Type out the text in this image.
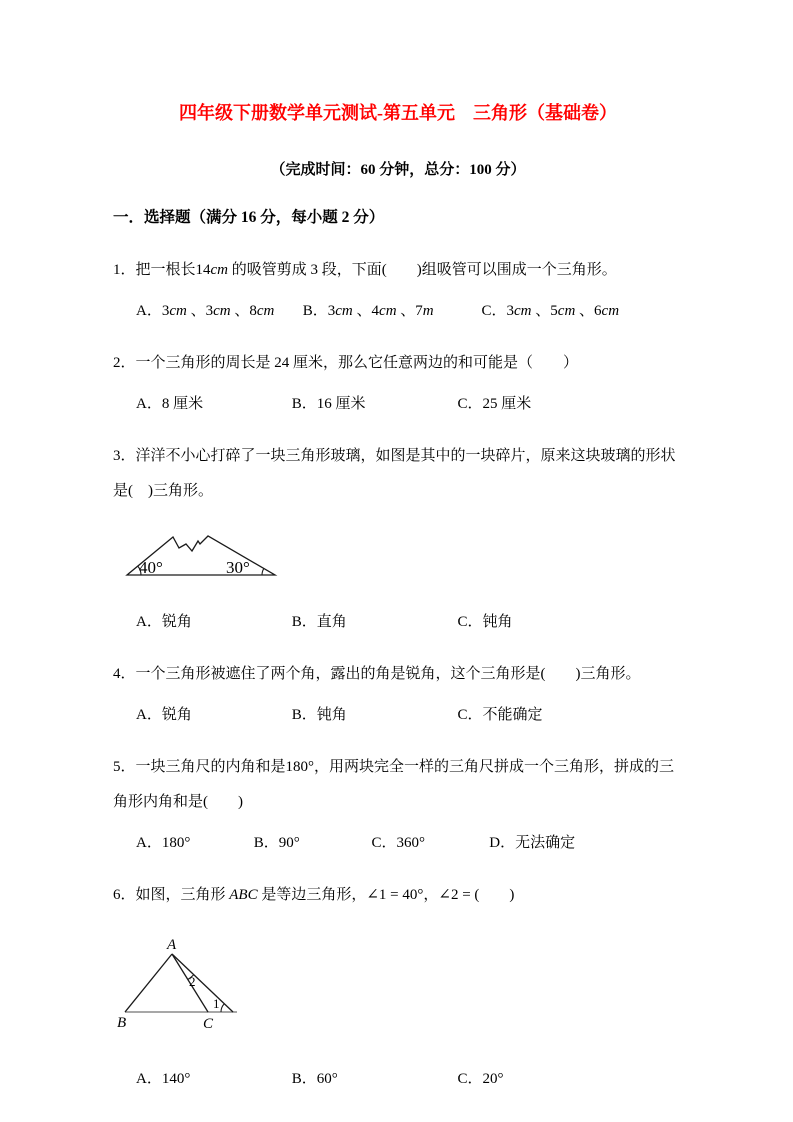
四年级下册数学单元测试-第五单元　三角形（基础卷）
（完成时间：60 分钟，总分：100 分）
一．选择题（满分 16 分，每小题 2 分）

1．把一根长14cm 的吸管剪成 3 段，下面(        )组吸管可以围成一个三角形。

A．3cm 、3cm 、8cm B．3cm 、4cm 、7m	C．3cm 、5cm 、6cm

2．一个三角形的周长是 24 厘米，那么它任意两边的和可能是（　　）

A．8 厘米	B．16 厘米	C．25 厘米

3．洋洋不小心打碎了一块三角形玻璃，如图是其中的一块碎片，原来这块玻璃的形状是(　)三角形。

40°	30°
A．锐角	B．直角	C．钝角

4．一个三角形被遮住了两个角，露出的角是锐角，这个三角形是(        )三角形。

A．锐角	B．钝角	C．不能确定

5．一块三角尺的内角和是180°，用两块完全一样的三角尺拼成一个三角形，拼成的三角形内角和是(        )

A．180°	B．90°	C．360°	D．无法确定

6．如图，三角形 ABC 是等边三角形，∠1 = 40°，∠2 = (        )

A
B	C
2
1
A．140°	B．60°	C．20°
